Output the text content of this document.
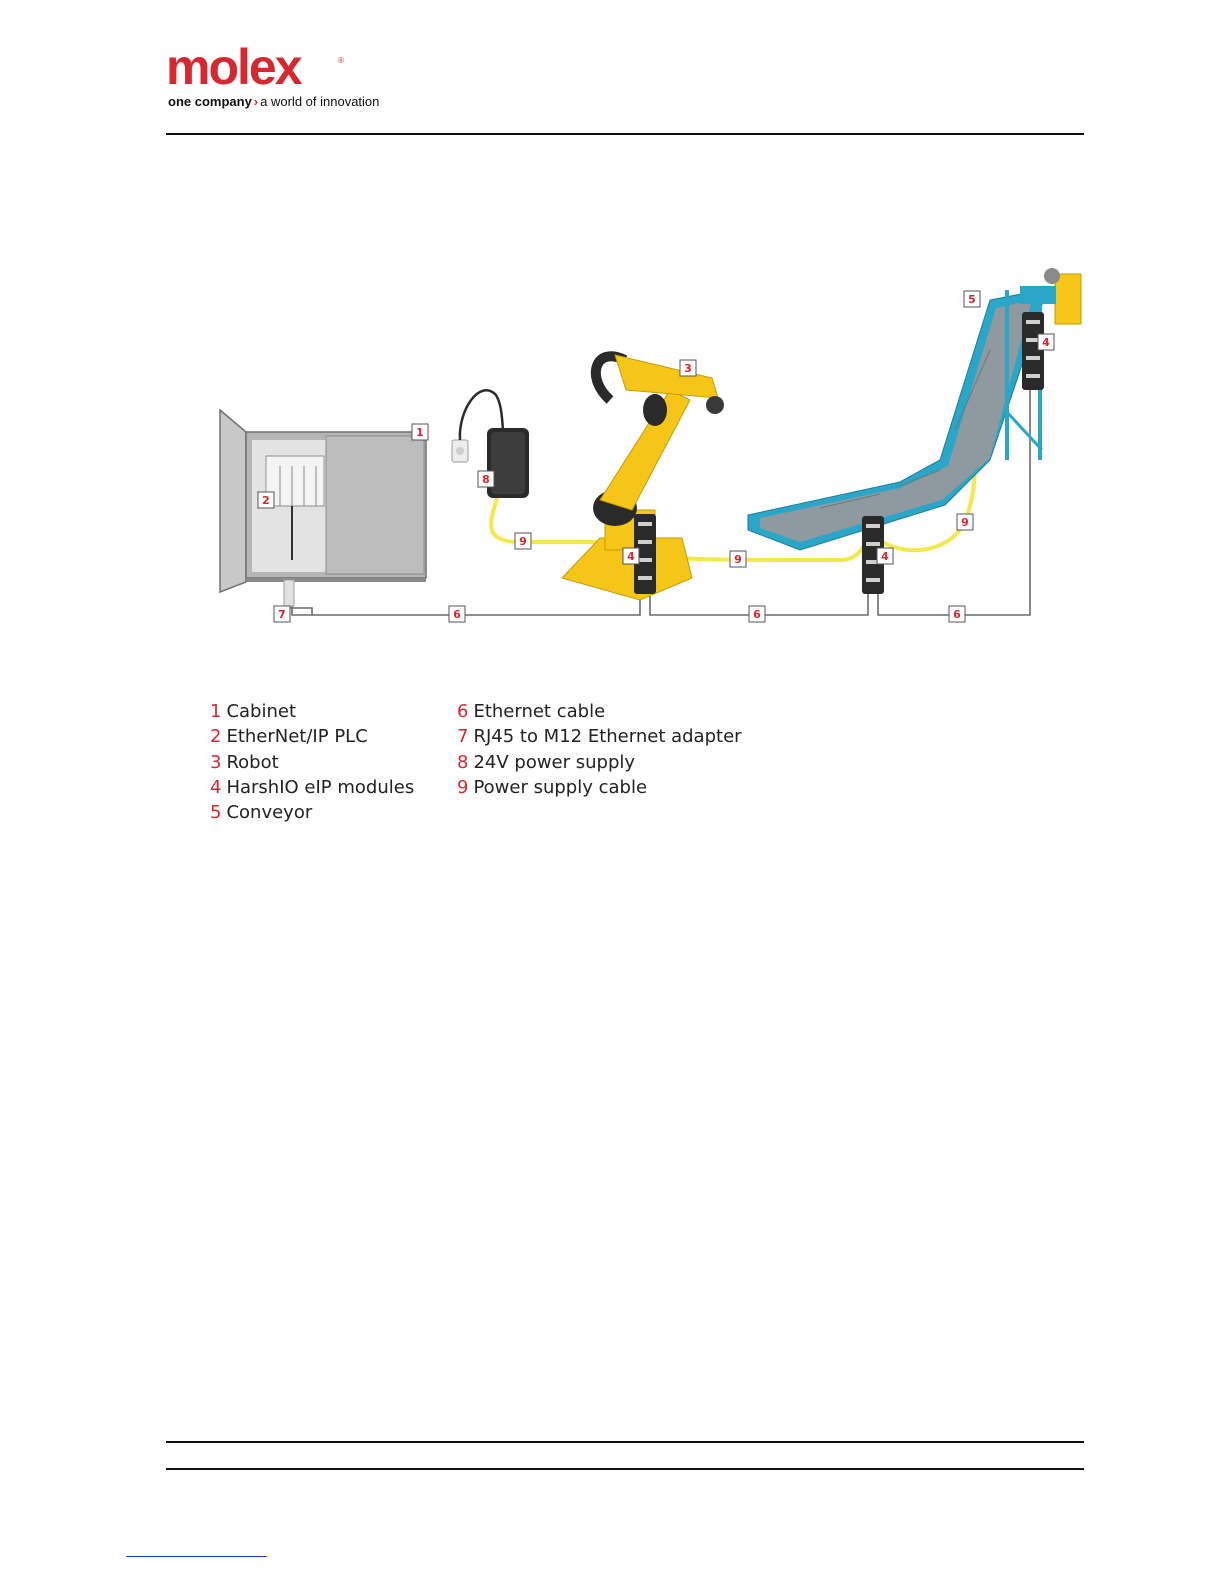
molex	®
one company › a world of innovation
1
2
3
4	4
4
5
6	6	6
7
8
9
9
9
1 Cabinet
2 EtherNet/IP PLC
3 Robot
4 HarshIO eIP modules
5 Conveyor
6 Ethernet cable
7 RJ45 to M12 Ethernet adapter
8 24V power supply
9 Power supply cable
